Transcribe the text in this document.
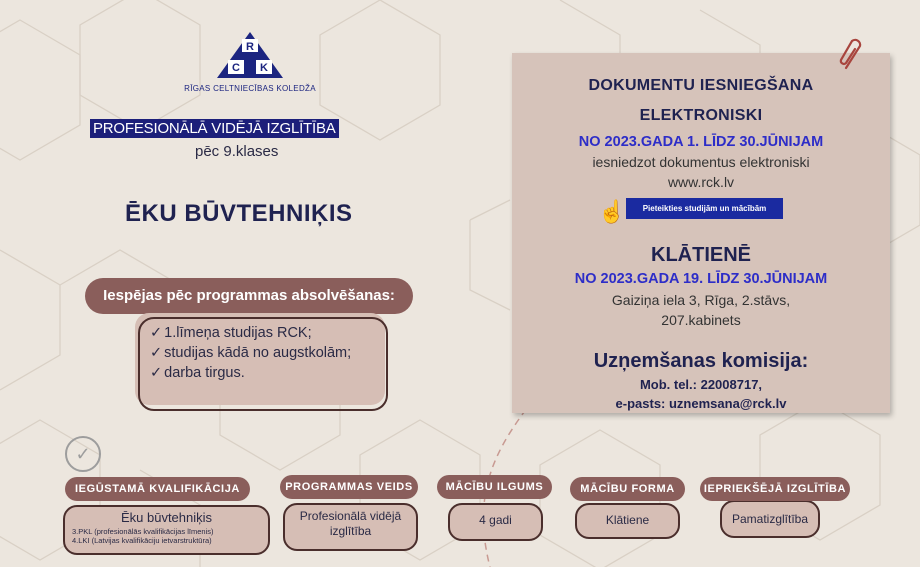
R
C K
RĪGAS CELTNIECĪBAS KOLEDŽA
PROFESIONĀLĀ VIDĒJĀ IZGLĪTĪBA
pēc 9.klases
ĒKU BŪVTEHNIĶIS
Iespējas pēc programmas absolvēšanas:
✓ 1.līmeņa studijas RCK;
✓ studijas kādā no augstkolām;
✓ darba tirgus.
✓
DOKUMENTU IESNIEGŠANA
ELEKTRONISKI
NO 2023.GADA 1. LĪDZ 30.JŪNIJAM
iesniedzot dokumentus elektroniski
www.rck.lv
☝	Pieteikties studijām un mācībām
KLĀTIENĒ
NO 2023.GADA 19. LĪDZ 30.JŪNIJAM
Gaiziņa iela 3, Rīga, 2.stāvs,
207.kabinets
Uzņemšanas komisija:
Mob. tel.: 22008717,
e-pasts: uznemsana@rck.lv
Ēku būvtehniķis
3.PKL (profesionālās kvalifikācijas līmenis)
4.LKI (Latvijas kvalifikāciju ietvarstruktūra)
IEGŪSTAMĀ KVALIFIKĀCIJA
Profesionālā vidējā izglītība
PROGRAMMAS VEIDS
4 gadi
MĀCĪBU ILGUMS
Klātiene
MĀCĪBU FORMA
Pamatizglītība
IEPRIEKŠĒJĀ IZGLĪTĪBA
